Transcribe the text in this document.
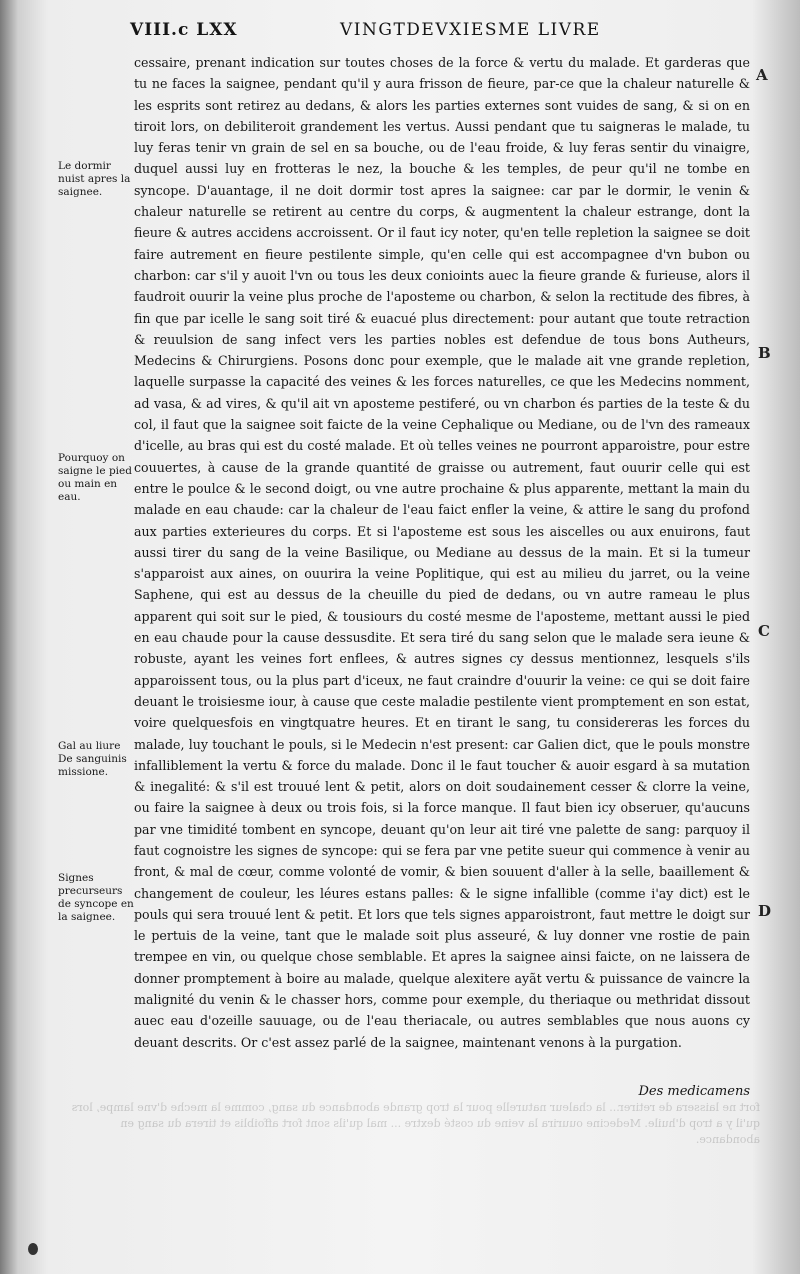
VIII.c LXX	VINGTDEVXIESME LIVRE
Le dormir nuist apres la saignee.
Pourquoy on saigne le pied ou main en eau.
Gal au liure De sanguinis missione.
Signes precurseurs de syncope en la saignee.
A
B
C
D
cessaire, prenant indication sur toutes choses de la force & vertu du malade. Et garderas que tu ne faces la saignee, pendant qu'il y aura frisson de fieure, par-ce que la chaleur naturelle & les esprits sont retirez au dedans, & alors les parties externes sont vuides de sang, & si on en tiroit lors, on debiliteroit grandement les vertus. Aussi pendant que tu saigneras le malade, tu luy feras tenir vn grain de sel en sa bouche, ou de l'eau froide, & luy feras sentir du vinaigre, duquel aussi luy en frotteras le nez, la bouche & les temples, de peur qu'il ne tombe en syncope. D'auantage, il ne doit dormir tost apres la saignee: car par le dormir, le venin & chaleur naturelle se retirent au centre du corps, & augmentent la chaleur estrange, dont la fieure & autres accidens accroissent. Or il faut icy noter, qu'en telle repletion la saignee se doit faire autrement en fieure pestilente simple, qu'en celle qui est accompagnee d'vn bubon ou charbon: car s'il y auoit l'vn ou tous les deux conioints auec la fieure grande & furieuse, alors il faudroit ouurir la veine plus proche de l'aposteme ou charbon, & selon la rectitude des fibres, à fin que par icelle le sang soit tiré & euacué plus directement: pour autant que toute retraction & reuulsion de sang infect vers les parties nobles est defendue de tous bons Autheurs, Medecins & Chirurgiens. Posons donc pour exemple, que le malade ait vne grande repletion, laquelle surpasse la capacité des veines & les forces naturelles, ce que les Medecins nomment, ad vasa, & ad vires, & qu'il ait vn aposteme pestiferé, ou vn charbon és parties de la teste & du col, il faut que la saignee soit faicte de la veine Cephalique ou Mediane, ou de l'vn des rameaux d'icelle, au bras qui est du costé malade. Et où telles veines ne pourront apparoistre, pour estre couuertes, à cause de la grande quantité de graisse ou autrement, faut ouurir celle qui est entre le poulce & le second doigt, ou vne autre prochaine & plus apparente, mettant la main du malade en eau chaude: car la chaleur de l'eau faict enfler la veine, & attire le sang du profond aux parties exterieures du corps. Et si l'aposteme est sous les aiscelles ou aux enuirons, faut aussi tirer du sang de la veine Basilique, ou Mediane au dessus de la main. Et si la tumeur s'apparoist aux aines, on ouurira la veine Poplitique, qui est au milieu du jarret, ou la veine Saphene, qui est au dessus de la cheuille du pied de dedans, ou vn autre rameau le plus apparent qui soit sur le pied, & tousiours du costé mesme de l'aposteme, mettant aussi le pied en eau chaude pour la cause dessusdite. Et sera tiré du sang selon que le malade sera ieune & robuste, ayant les veines fort enflees, & autres signes cy dessus mentionnez, lesquels s'ils apparoissent tous, ou la plus part d'iceux, ne faut craindre d'ouurir la veine: ce qui se doit faire deuant le troisiesme iour, à cause que ceste maladie pestilente vient promptement en son estat, voire quelquesfois en vingtquatre heures. Et en tirant le sang, tu considereras les forces du malade, luy touchant le pouls, si le Medecin n'est present: car Galien dict, que le pouls monstre infalliblement la vertu & force du malade. Donc il le faut toucher & auoir esgard à sa mutation & inegalité: & s'il est trouué lent & petit, alors on doit soudainement cesser & clorre la veine, ou faire la saignee à deux ou trois fois, si la force manque. Il faut bien icy obseruer, qu'aucuns par vne timidité tombent en syncope, deuant qu'on leur ait tiré vne palette de sang: parquoy il faut cognoistre les signes de syncope: qui se fera par vne petite sueur qui commence à venir au front, & mal de cœur, comme volonté de vomir, & bien souuent d'aller à la selle, baaillement & changement de couleur, les léures estans palles: & le signe infallible (comme i'ay dict) est le pouls qui sera trouué lent & petit. Et lors que tels signes apparoistront, faut mettre le doigt sur le pertuis de la veine, tant que le malade soit plus asseuré, & luy donner vne rostie de pain trempee en vin, ou quelque chose semblable. Et apres la saignee ainsi faicte, on ne laissera de donner promptement à boire au malade, quelque alexitere ayãt vertu & puissance de vaincre la malignité du venin & le chasser hors, comme pour exemple, du theriaque ou methridat dissout auec eau d'ozeille sauuage, ou de l'eau theriacale, ou autres semblables que nous auons cy deuant descrits. Or c'est assez parlé de la saignee, maintenant venons à la purgation.
Des medicamens
fort ne laissera de retirer... la chaleur naturelle pour la trop grande abondance du sang, comme la meche d'vne lampe, lors qu'il y a trop d'huile. Medecine ouurira la veine du costé dextre ... mal qu'ils sont fort affoiblis et tirera du sang en abondance.
